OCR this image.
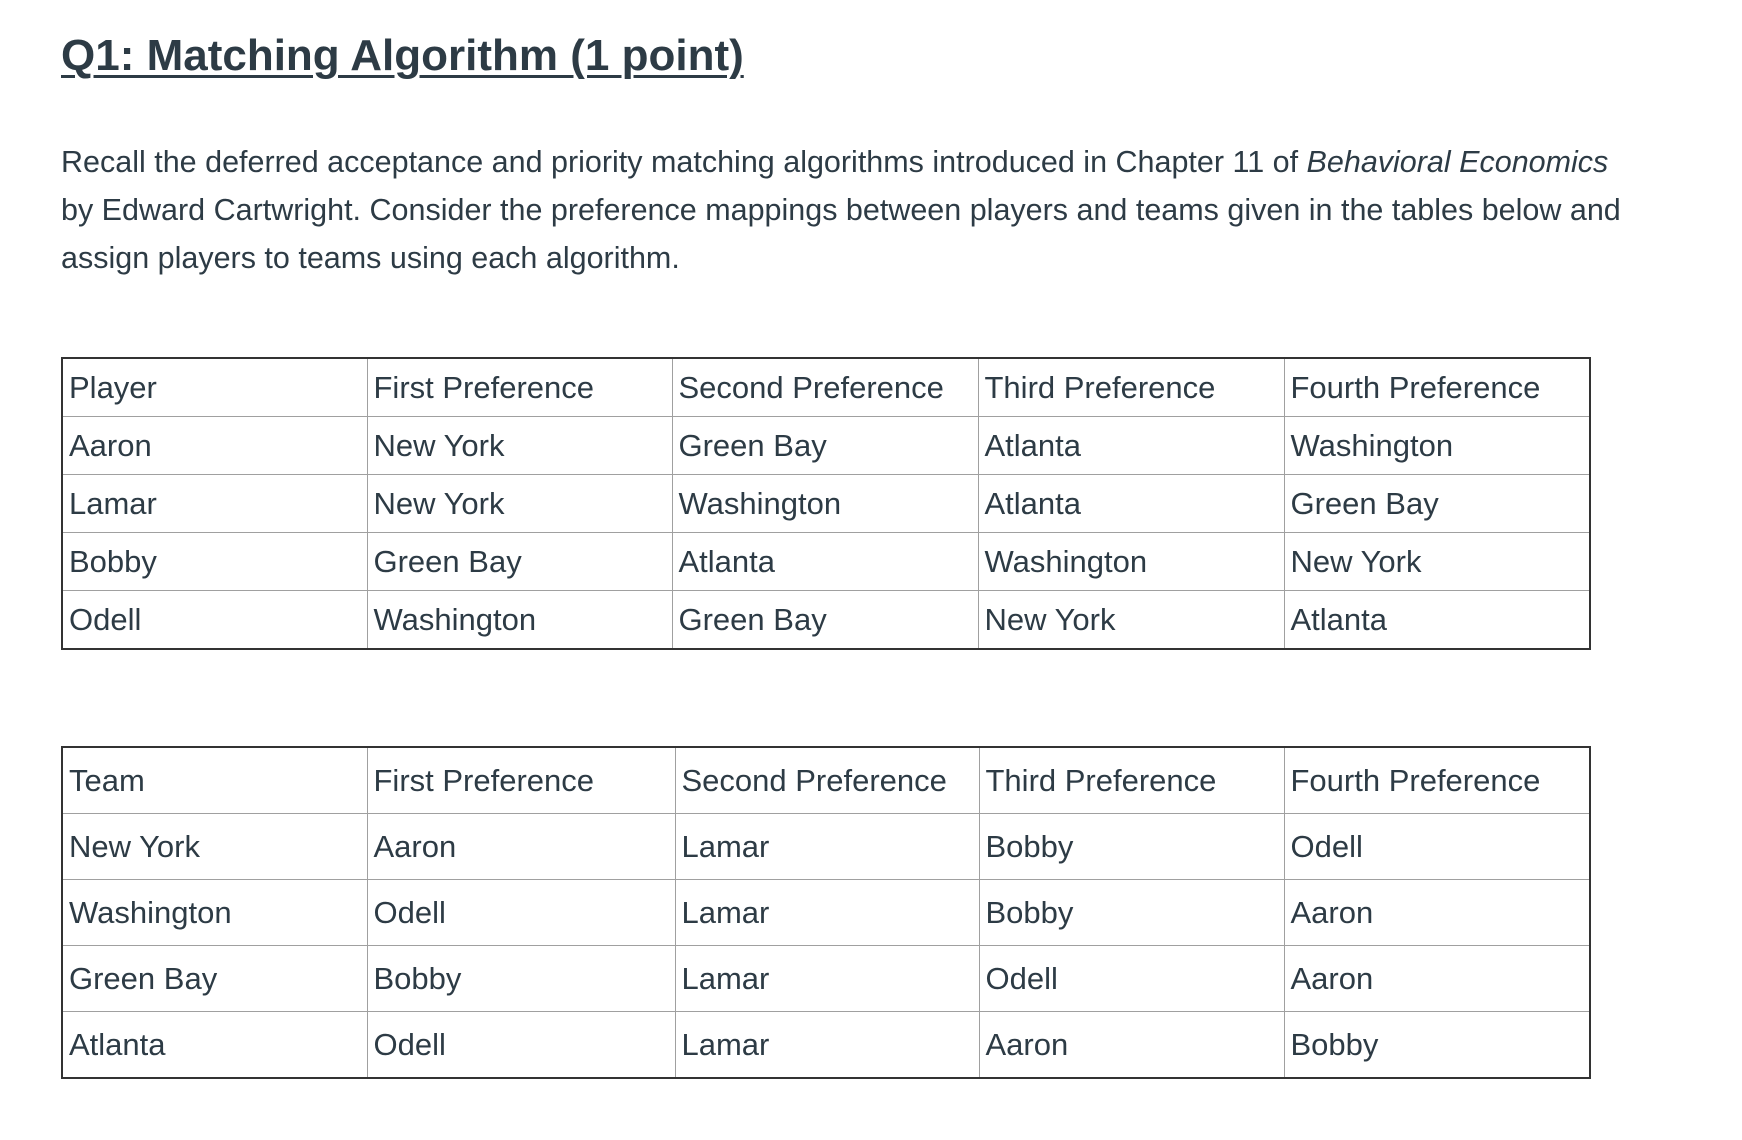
Q1: Matching Algorithm (1 point)

Recall the deferred acceptance and priority matching algorithms introduced in Chapter 11 of Behavioral Economics by Edward Cartwright. Consider the preference mappings between players and teams given in the tables below and assign players to teams using each algorithm.

Player	First Preference	Second Preference	Third Preference	Fourth Preference
Aaron	New York	Green Bay	Atlanta	Washington
Lamar	New York	Washington	Atlanta	Green Bay
Bobby	Green Bay	Atlanta	Washington	New York
Odell	Washington	Green Bay	New York	Atlanta
Team	First Preference	Second Preference	Third Preference	Fourth Preference
New York	Aaron	Lamar	Bobby	Odell
Washington	Odell	Lamar	Bobby	Aaron
Green Bay	Bobby	Lamar	Odell	Aaron
Atlanta	Odell	Lamar	Aaron	Bobby
